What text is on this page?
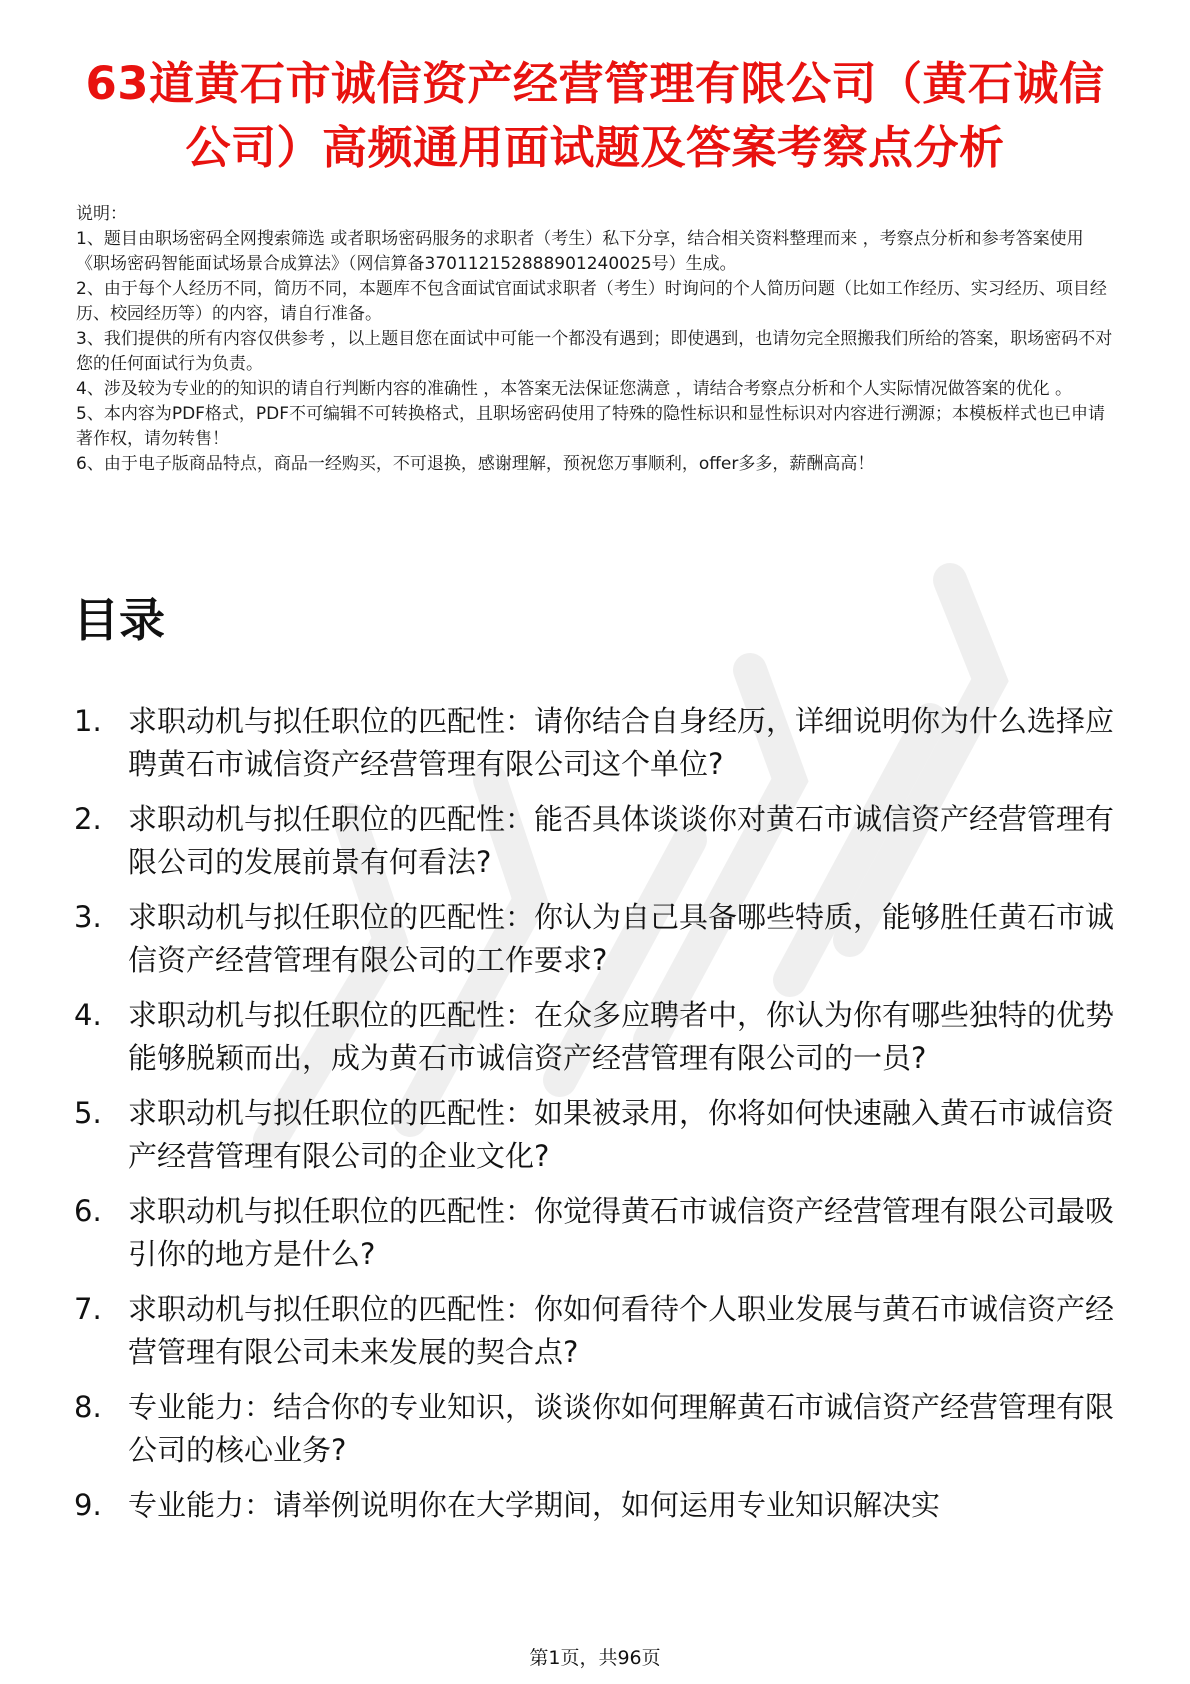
63道黄石市诚信资产经营管理有限公司（黄石诚信公司）高频通用面试题及答案考察点分析

说明：

1、题目由职场密码全网搜索筛选 或者职场密码服务的求职者（考生）私下分享，结合相关资料整理而来 ，考察点分析和参考答案使用《职场密码智能面试场景合成算法》（网信算备370112152888901240025号）生成。

2、由于每个人经历不同，简历不同，本题库不包含面试官面试求职者（考生）时询问的个人简历问题（比如工作经历、实习经历、项目经历、校园经历等）的内容，请自行准备。

3、我们提供的所有内容仅供参考 ，以上题目您在面试中可能一个都没有遇到；即使遇到，也请勿完全照搬我们所给的答案，职场密码不对您的任何面试行为负责。

4、涉及较为专业的的知识的请自行判断内容的准确性 ，本答案无法保证您满意 ，请结合考察点分析和个人实际情况做答案的优化 。

5、本内容为PDF格式，PDF不可编辑不可转换格式，且职场密码使用了特殊的隐性标识和显性标识对内容进行溯源；本模板样式也已申请著作权，请勿转售！

6、由于电子版商品特点，商品一经购买，不可退换，感谢理解，预祝您万事顺利，offer多多，薪酬高高！

目录
1. 求职动机与拟任职位的匹配性：请你结合自身经历，详细说明你为什么选择应聘黄石市诚信资产经营管理有限公司这个单位?
2. 求职动机与拟任职位的匹配性：能否具体谈谈你对黄石市诚信资产经营管理有限公司的发展前景有何看法?
3. 求职动机与拟任职位的匹配性：你认为自己具备哪些特质，能够胜任黄石市诚信资产经营管理有限公司的工作要求?
4. 求职动机与拟任职位的匹配性：在众多应聘者中，你认为你有哪些独特的优势能够脱颖而出，成为黄石市诚信资产经营管理有限公司的一员?
5. 求职动机与拟任职位的匹配性：如果被录用，你将如何快速融入黄石市诚信资产经营管理有限公司的企业文化?
6. 求职动机与拟任职位的匹配性：你觉得黄石市诚信资产经营管理有限公司最吸引你的地方是什么?
7. 求职动机与拟任职位的匹配性：你如何看待个人职业发展与黄石市诚信资产经营管理有限公司未来发展的契合点?
8. 专业能力：结合你的专业知识，谈谈你如何理解黄石市诚信资产经营管理有限公司的核心业务?
9. 专业能力：请举例说明你在大学期间，如何运用专业知识解决实
第1页，共96页
